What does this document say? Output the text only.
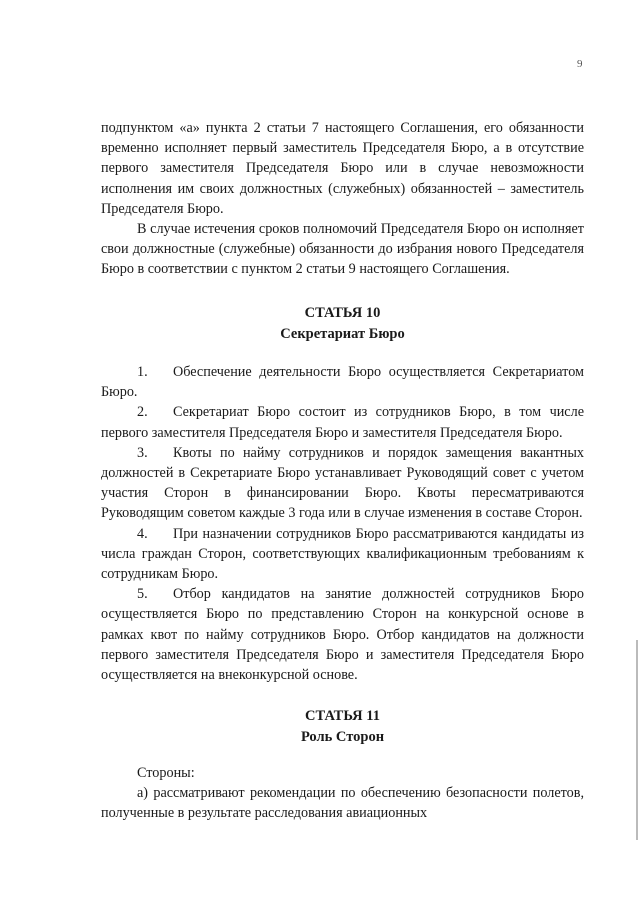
9

подпунктом «а» пункта 2 статьи 7 настоящего Соглашения, его обязанности временно исполняет первый заместитель Председателя Бюро, а в отсутствие первого заместителя Председателя Бюро или в случае невозможности исполнения им своих должностных (служебных) обязанностей – заместитель Председателя Бюро.

В случае истечения сроков полномочий Председателя Бюро он исполняет свои должностные (служебные) обязанности до избрания нового Председателя Бюро в соответствии с пунктом 2 статьи 9 настоящего Соглашения.

СТАТЬЯ 10
Секретариат Бюро

1. Обеспечение деятельности Бюро осуществляется Секретариатом Бюро.

2. Секретариат Бюро состоит из сотрудников Бюро, в том числе первого заместителя Председателя Бюро и заместителя Председателя Бюро.

3. Квоты по найму сотрудников и порядок замещения вакантных должностей в Секретариате Бюро устанавливает Руководящий совет с учетом участия Сторон в финансировании Бюро. Квоты пересматриваются Руководящим советом каждые 3 года или в случае изменения в составе Сторон.

4. При назначении сотрудников Бюро рассматриваются кандидаты из числа граждан Сторон, соответствующих квалификационным требованиям к сотрудникам Бюро.

5. Отбор кандидатов на занятие должностей сотрудников Бюро осуществляется Бюро по представлению Сторон на конкурсной основе в рамках квот по найму сотрудников Бюро. Отбор кандидатов на должности первого заместителя Председателя Бюро и заместителя Председателя Бюро осуществляется на внеконкурсной основе.

СТАТЬЯ 11
Роль Сторон

Стороны:

а) рассматривают рекомендации по обеспечению безопасности полетов, полученные в результате расследования авиационных
